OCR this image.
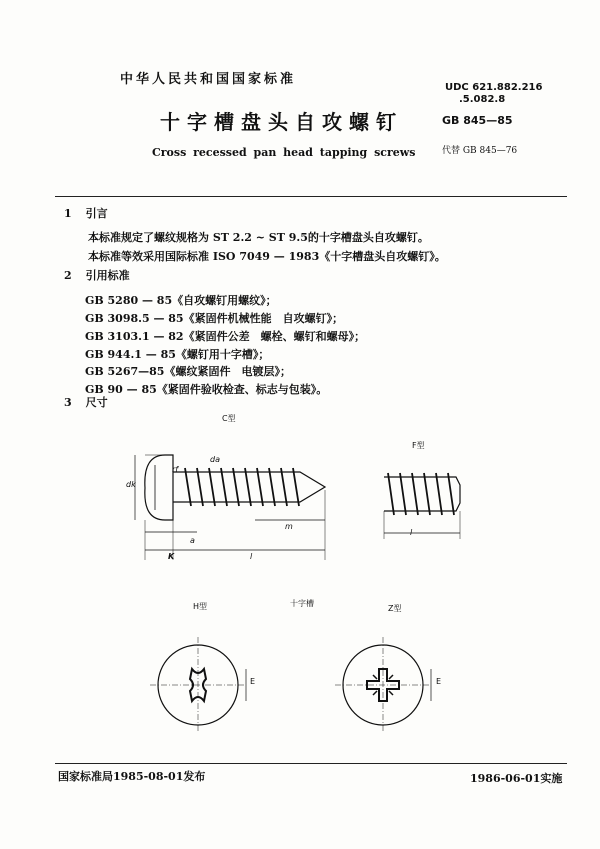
中华人民共和国国家标准
十字槽盘头自攻螺钉
Cross recessed pan head tapping screws
UDC 621.882.216
.5.082.8
GB 845—85
代替 GB 845—76
1 引言
本标准规定了螺纹规格为 ST 2.2 ~ ST 9.5的十字槽盘头自攻螺钉。
本标准等效采用国际标准 ISO 7049 — 1983《十字槽盘头自攻螺钉》。
2 引用标准
GB 5280 — 85《自攻螺钉用螺纹》；
GB 3098.5 — 85《紧固件机械性能　自攻螺钉》；
GB 3103.1 — 82《紧固件公差　螺栓、螺钉和螺母》；
GB 944.1 — 85《螺钉用十字槽》；
GB 5267—85《螺纹紧固件　电镀层》；
GB 90 — 85《紧固件验收检查、标志与包装》。
3 尺寸
C型
dk
rf
da
K
a
l
m
F型
l
H型	十字槽
Z型
E	E
国家标准局1985-08-01发布	1986-06-01实施
